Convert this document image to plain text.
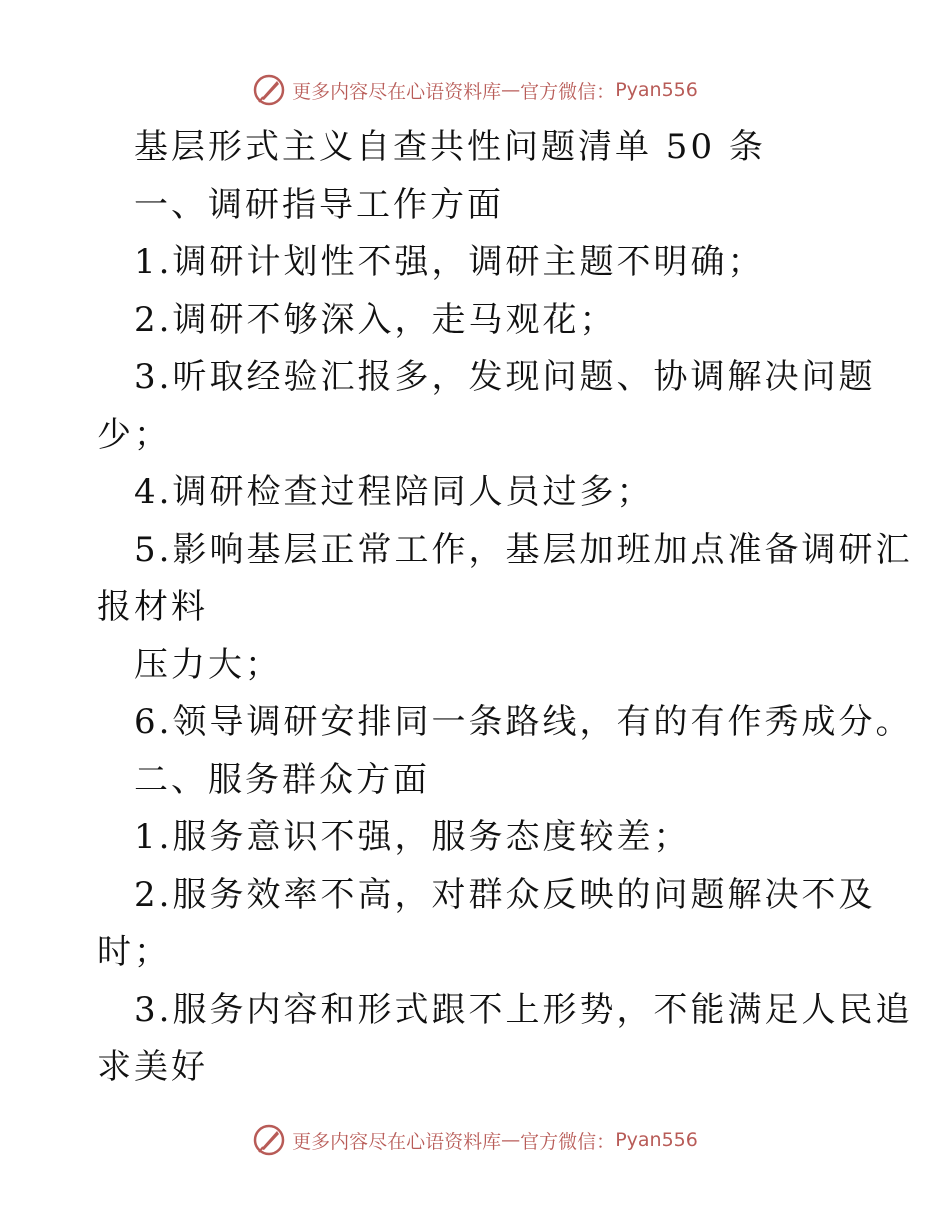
更多内容尽在心语资料库 — 官方微信： Pyan556
基层形式主义自查共性问题清单 50 条
一、调研指导工作方面
1.调研计划性不强，调研主题不明确；
2.调研不够深入，走马观花；
3.听取经验汇报多，发现问题、协调解决问题
少；
4.调研检查过程陪同人员过多；
5.影响基层正常工作，基层加班加点准备调研汇
报材料
压力大；
6.领导调研安排同一条路线，有的有作秀成分。
二、服务群众方面
1.服务意识不强，服务态度较差；
2.服务效率不高，对群众反映的问题解决不及
时；
3.服务内容和形式跟不上形势，不能满足人民追
求美好
更多内容尽在心语资料库 — 官方微信： Pyan556
